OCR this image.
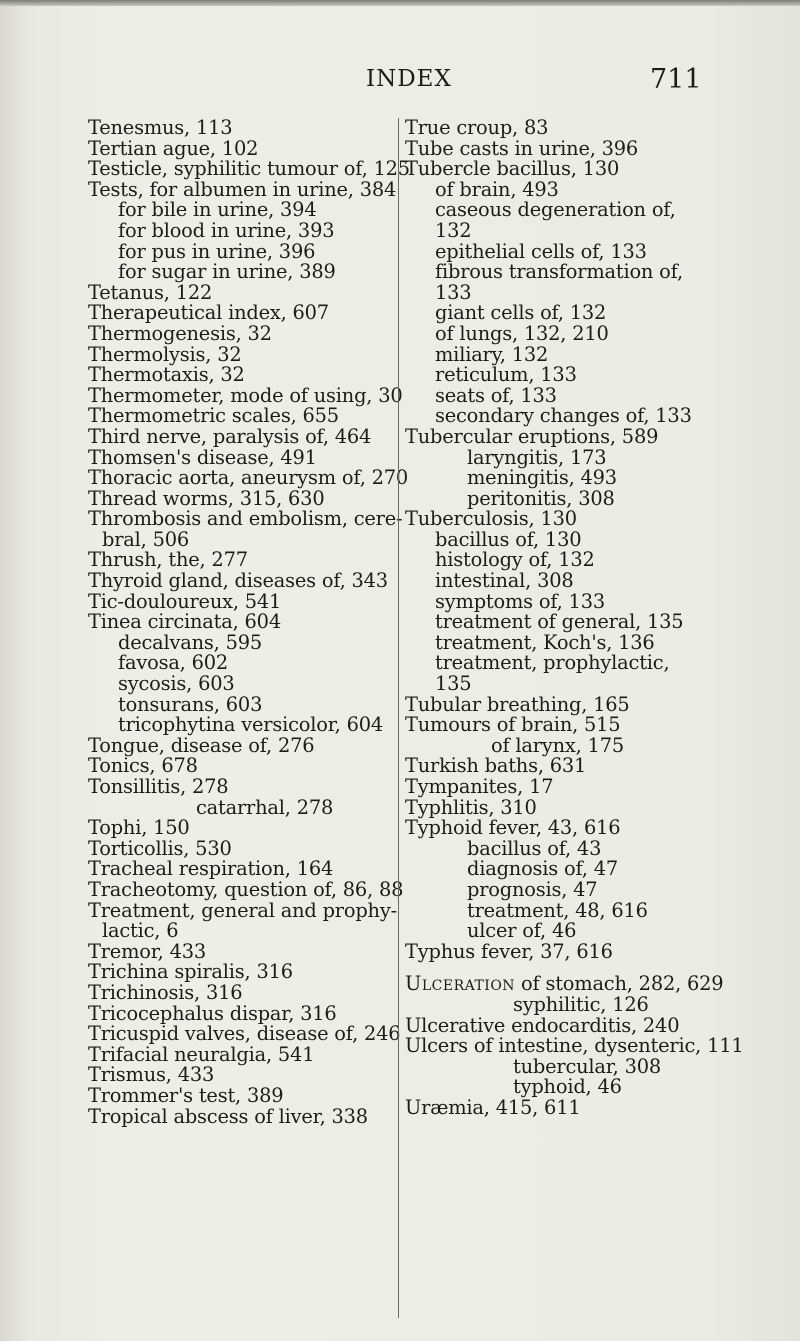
INDEX	711
Tenesmus, 113
Tertian ague, 102
Testicle, syphilitic tumour of, 125
Tests, for albumen in urine, 384
for bile in urine, 394
for blood in urine, 393
for pus in urine, 396
for sugar in urine, 389
Tetanus, 122
Therapeutical index, 607
Thermogenesis, 32
Thermolysis, 32
Thermotaxis, 32
Thermometer, mode of using, 30
Thermometric scales, 655
Third nerve, paralysis of, 464
Thomsen's disease, 491
Thoracic aorta, aneurysm of, 270
Thread worms, 315, 630
Thrombosis and embolism, cere-
bral, 506
Thrush, the, 277
Thyroid gland, diseases of, 343
Tic-douloureux, 541
Tinea circinata, 604
decalvans, 595
favosa, 602
sycosis, 603
tonsurans, 603
tricophytina versicolor, 604
Tongue, disease of, 276
Tonics, 678
Tonsillitis, 278
catarrhal, 278
Tophi, 150
Torticollis, 530
Tracheal respiration, 164
Tracheotomy, question of, 86, 88
Treatment, general and prophy-
lactic, 6
Tremor, 433
Trichina spiralis, 316
Trichinosis, 316
Tricocephalus dispar, 316
Tricuspid valves, disease of, 246
Trifacial neuralgia, 541
Trismus, 433
Trommer's test, 389
Tropical abscess of liver, 338
True croup, 83
Tube casts in urine, 396
Tubercle bacillus, 130
of brain, 493
caseous degeneration of,
132
epithelial cells of, 133
fibrous transformation of,
133
giant cells of, 132
of lungs, 132, 210
miliary, 132
reticulum, 133
seats of, 133
secondary changes of, 133
Tubercular eruptions, 589
laryngitis, 173
meningitis, 493
peritonitis, 308
Tuberculosis, 130
bacillus of, 130
histology of, 132
intestinal, 308
symptoms of, 133
treatment of general, 135
treatment, Koch's, 136
treatment, prophylactic,
135
Tubular breathing, 165
Tumours of brain, 515
of larynx, 175
Turkish baths, 631
Tympanites, 17
Typhlitis, 310
Typhoid fever, 43, 616
bacillus of, 43
diagnosis of, 47
prognosis, 47
treatment, 48, 616
ulcer of, 46
Typhus fever, 37, 616
Ulceration of stomach, 282, 629
syphilitic, 126
Ulcerative endocarditis, 240
Ulcers of intestine, dysenteric, 111
tubercular, 308
typhoid, 46
Uræmia, 415, 611
